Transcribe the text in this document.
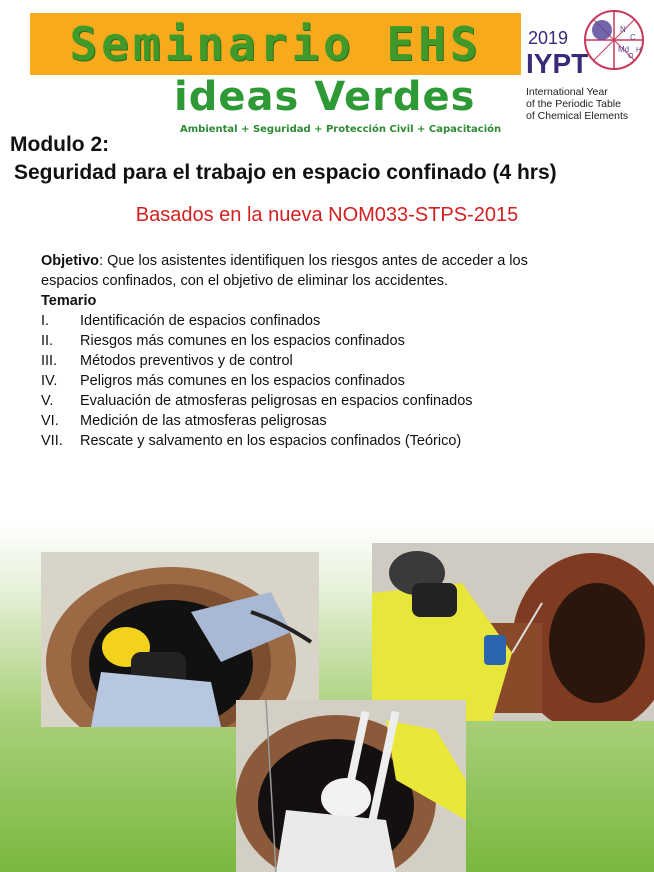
Seminario EHS
ideas Verdes
Ambiental + Seguridad + Protección Civil + Capacitación
2019
IYPT
N
C
Md
O
H
International Year
of the Periodic Table
of Chemical Elements
Modulo 2:
Seguridad para el trabajo en espacio confinado (4 hrs)
Basados en la nueva NOM033-STPS-2015
Objetivo: Que los asistentes identifiquen los riesgos antes de acceder a los espacios confinados, con el objetivo de eliminar los accidentes.
Temario
I.	Identificación de espacios confinados
II.	Riesgos más comunes en los espacios confinados
III.	Métodos preventivos y de control
IV.	Peligros más comunes en los espacios confinados
V.	Evaluación de atmosferas peligrosas en espacios confinados
VI.	Medición de las atmosferas peligrosas
VII.	Rescate y salvamento en los espacios confinados (Teórico)
